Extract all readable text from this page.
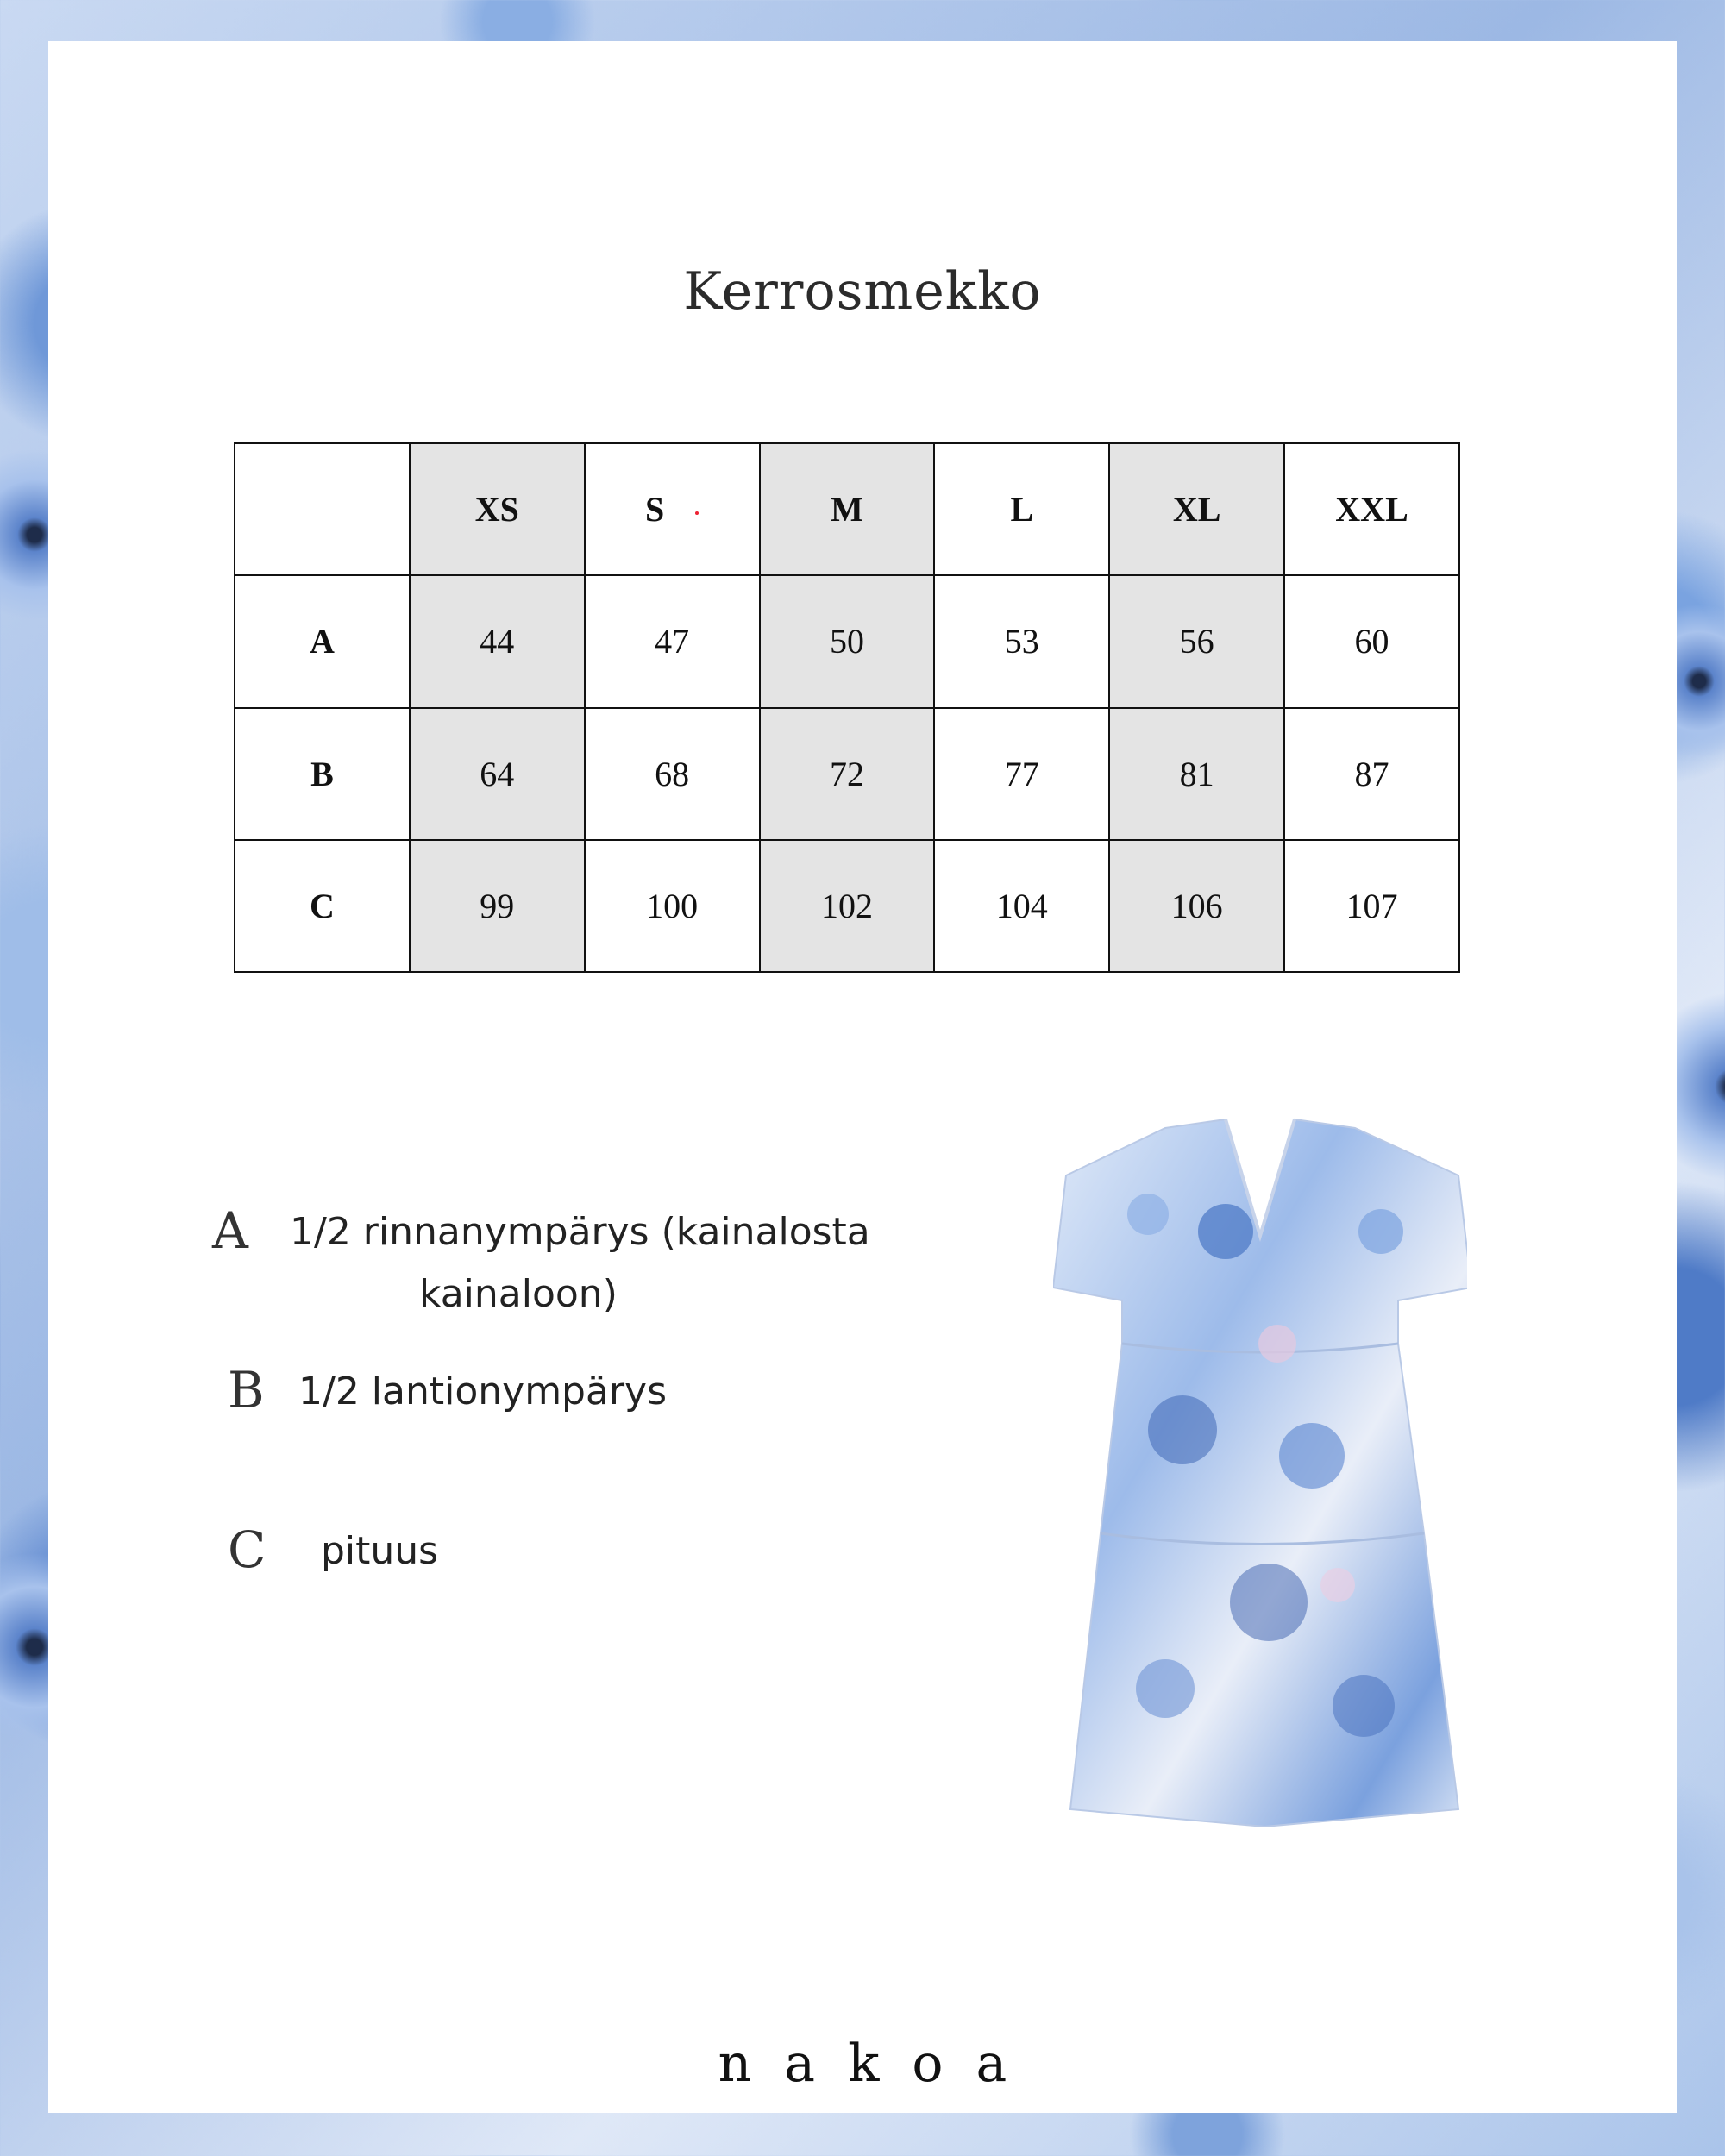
Kerrosmekko
	XS	S	M	L	XL	XXL
A	44	47	50	53	56	60
B	64	68	72	77	81	87
C	99	100	102	104	106	107
A 1/2 rinnanympärys (kainalosta
kainaloon)
B 1/2 lantionympärys
C pituus
nakoa
